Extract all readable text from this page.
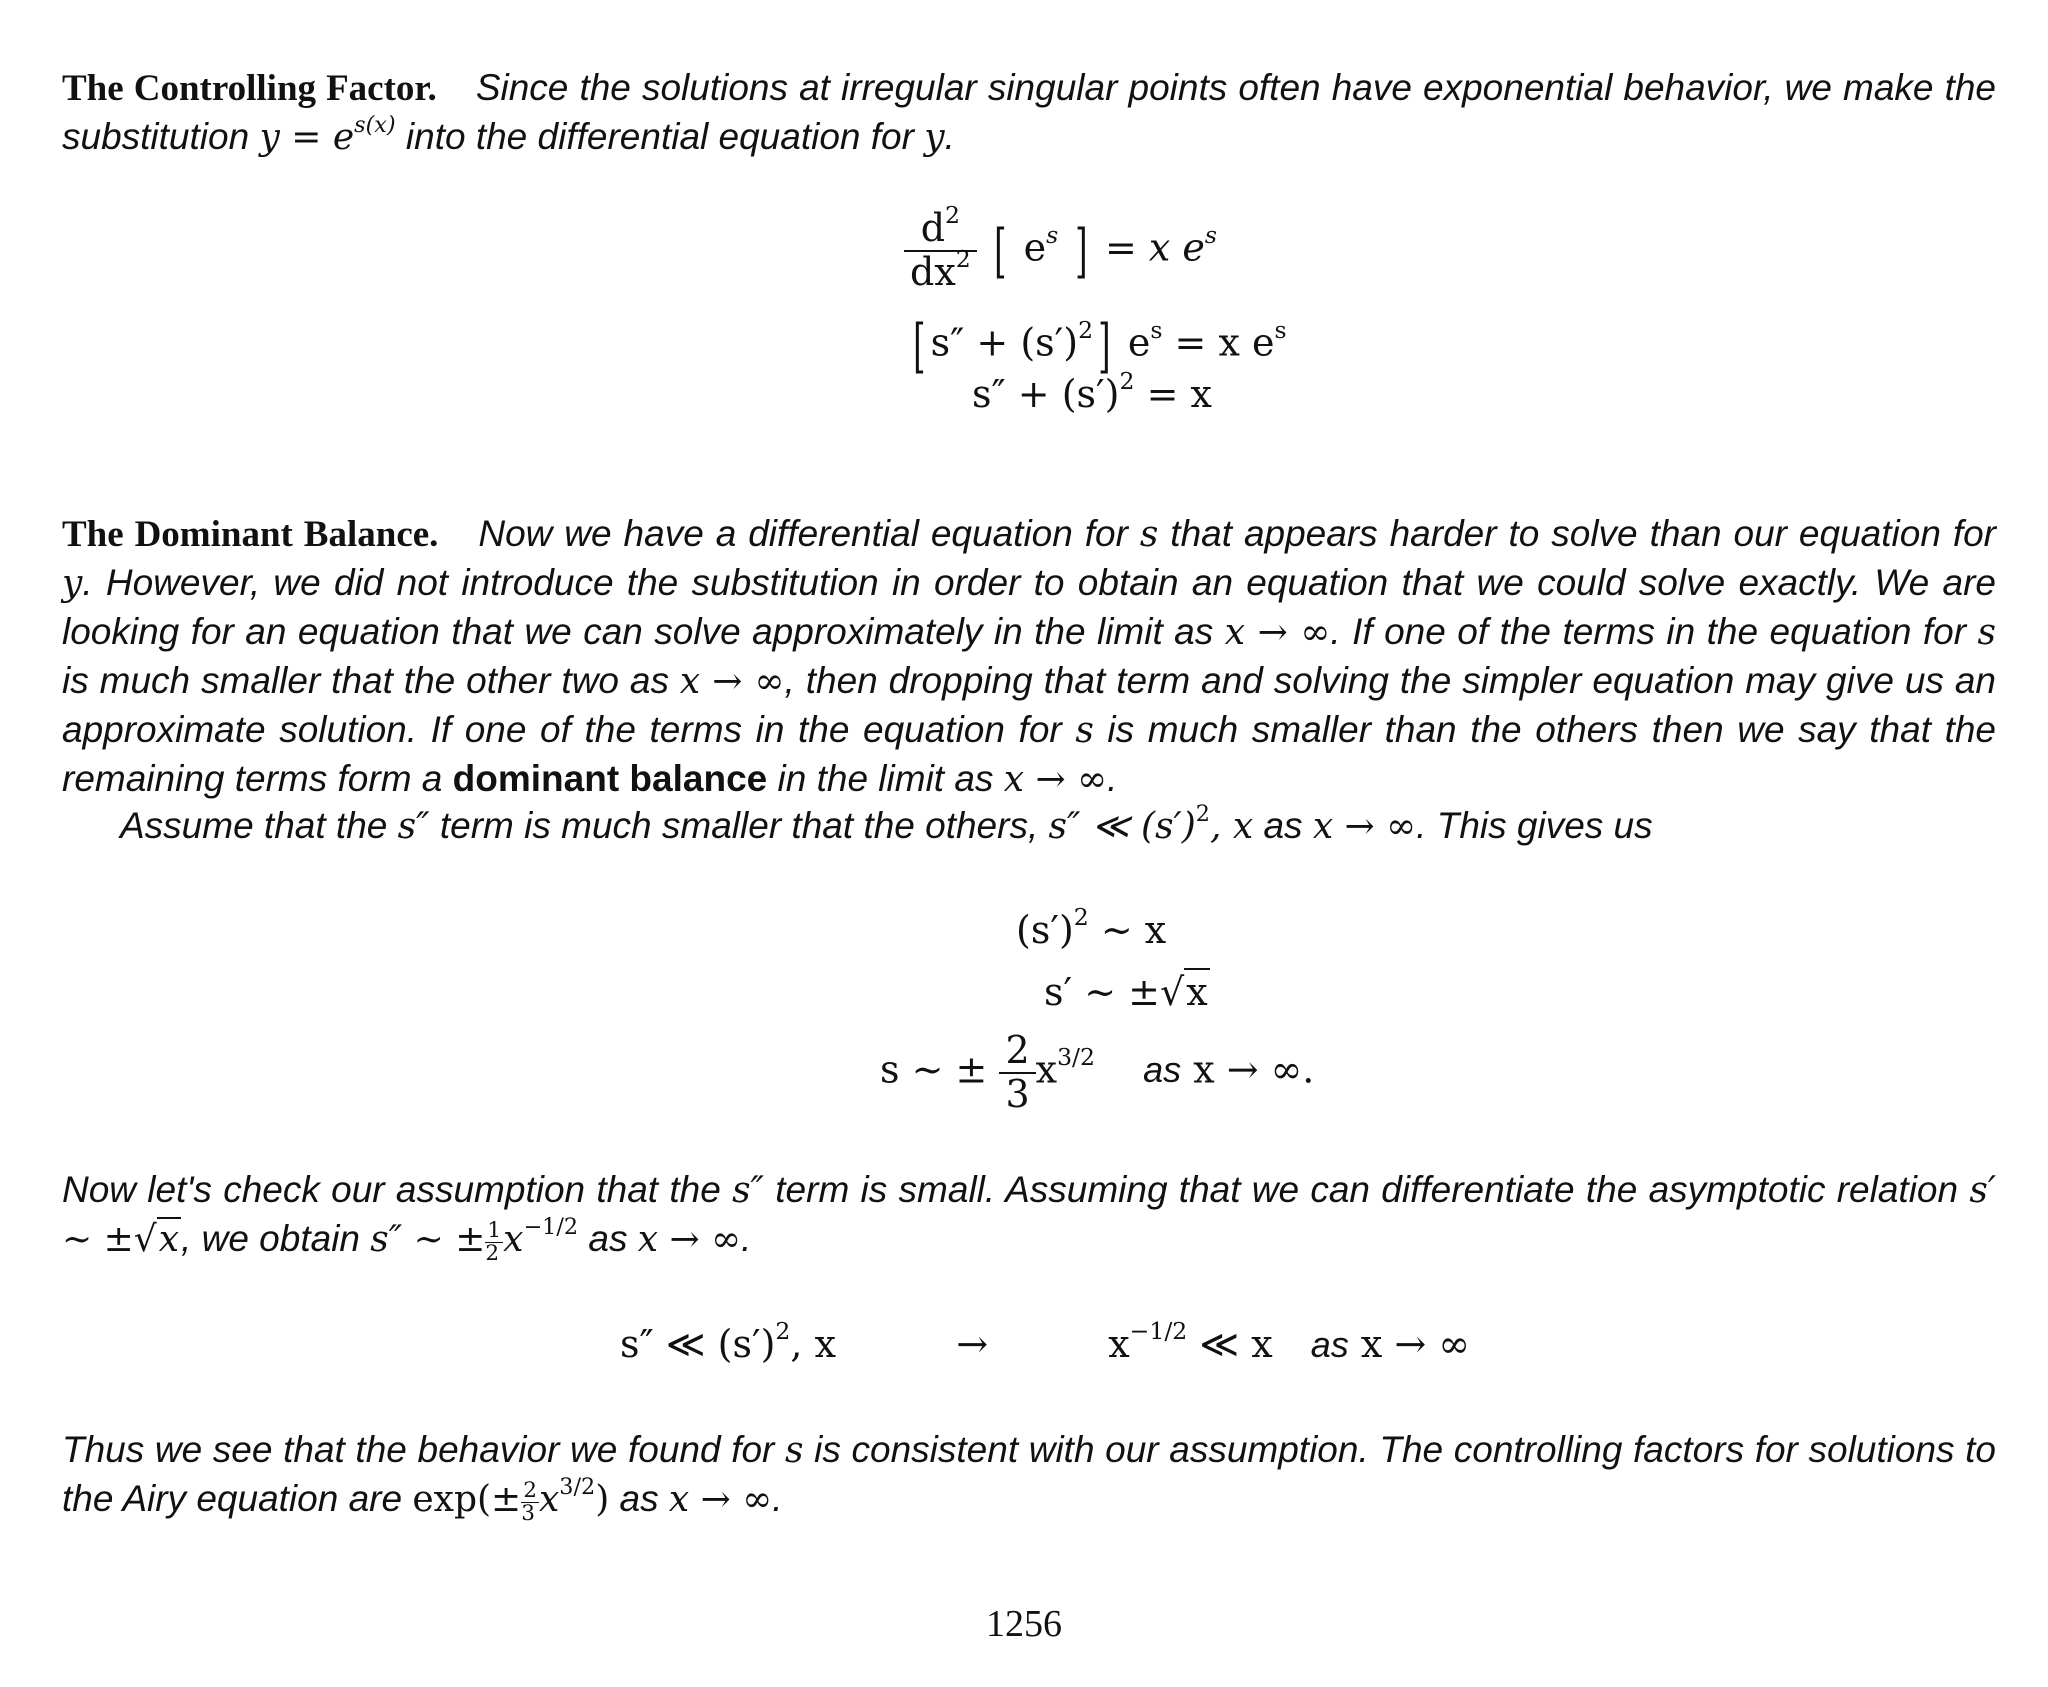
The Controlling Factor. Since the solutions at irregular singular points often have exponential behavior, we make the substitution $y = e^{s(x)}$ into the differential equation for y.
$\frac{d^2}{dx^2}$ [ $e^s$ ] = x $e^s$
[ $s'' + (s')^2$] $e^s = x$ $e^s$
$s'' + (s')^2 = x$
The Dominant Balance. Now we have a differential equation for s that appears harder to solve than our equation for y. However, we did not introduce the substitution in order to obtain an equation that we could solve exactly. We are looking for an equation that we can solve approximately in the limit as x → ∞. If one of the terms in the equation for s is much smaller that the other two as x → ∞, then dropping that term and solving the simpler equation may give us an approximate solution. If one of the terms in the equation for s is much smaller than the others then we say that the remaining terms form a dominant balance in the limit as x → ∞.
Assume that the s″ term is much smaller that the others, s″ ≪ $(s')^2$, x as x → ∞. This gives us
$(s')^2$ ∼ x
s′ ∼ ±√x
s ∼ ± $\frac{2}{3} x^{3/2}$ as x → ∞.
Now let's check our assumption that the s″ term is small. Assuming that we can differentiate the asymptotic relation s′ ∼ ±√x, we obtain s″ ∼ ± $\frac{1}{2} x^{-1/2}$ as x → ∞.
s″ ≪ $(s')^2$, x	→	$x^{-1/2}$ ≪ x as x → ∞
Thus we see that the behavior we found for s is consistent with our assumption. The controlling factors for solutions to the Airy equation are $\exp(\pm \frac{2}{3} x^{3/2})$ as x → ∞.
1256
